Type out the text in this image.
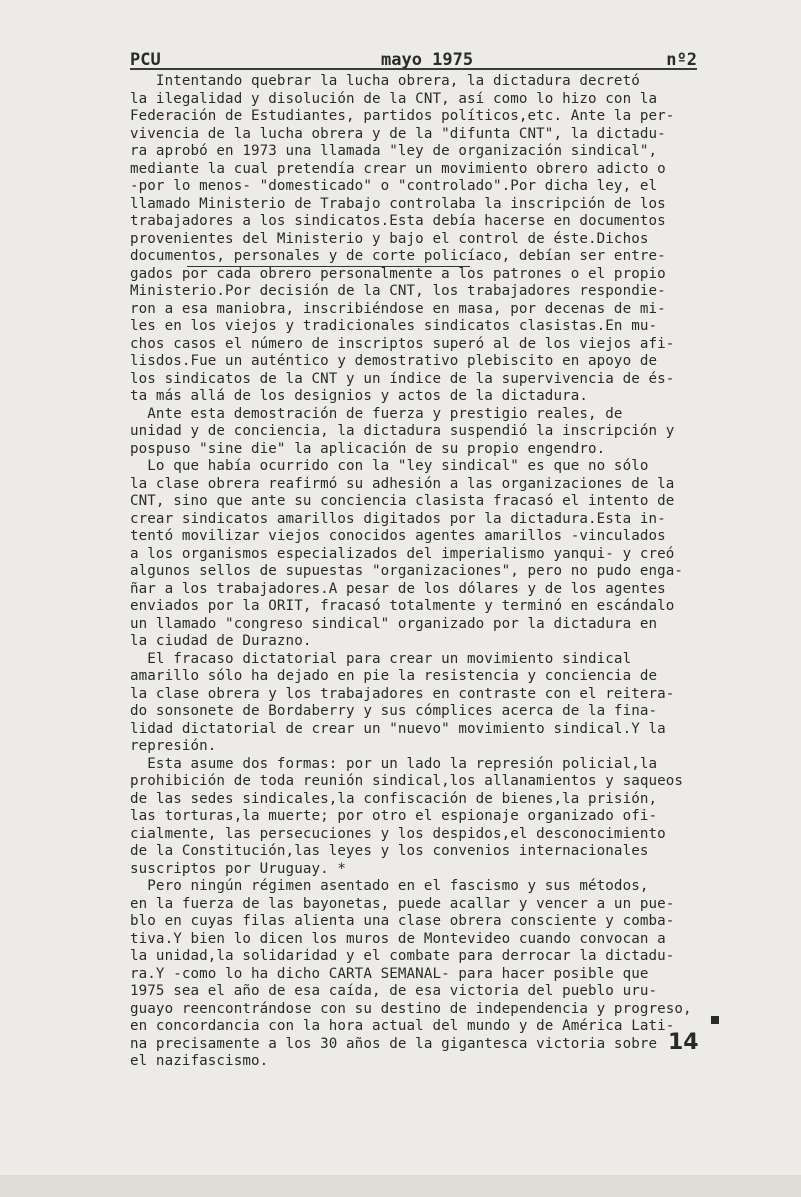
PCU	mayo 1975	nº2
Intentando quebrar la lucha obrera, la dictadura decretó
la ilegalidad y disolución de la CNT, así como lo hizo con la
Federación de Estudiantes, partidos políticos,etc. Ante la per-
vivencia de la lucha obrera y de la "difunta CNT", la dictadu-
ra aprobó en 1973 una llamada "ley de organización sindical",
mediante la cual pretendía crear un movimiento obrero adicto o
-por lo menos- "domesticado" o "controlado".Por dicha ley, el
llamado Ministerio de Trabajo controlaba la inscripción de los
trabajadores a los sindicatos.Esta debía hacerse en documentos
provenientes del Ministerio y bajo el control de éste.Dichos
documentos, personales y de corte policíaco, debían ser entre-
gados por cada obrero personalmente a los patrones o el propio
Ministerio.Por decisión de la CNT, los trabajadores respondie-
ron a esa maniobra, inscribiéndose en masa, por decenas de mi-
les en los viejos y tradicionales sindicatos clasistas.En mu-
chos casos el número de inscriptos superó al de los viejos afi-
lisdos.Fue un auténtico y demostrativo plebiscito en apoyo de
los sindicatos de la CNT y un índice de la supervivencia de és-
ta más allá de los designios y actos de la dictadura.
Ante esta demostración de fuerza y prestigio reales, de
unidad y de conciencia, la dictadura suspendió la inscripción y
pospuso "sine die" la aplicación de su propio engendro.
Lo que había ocurrido con la "ley sindical" es que no sólo
la clase obrera reafirmó su adhesión a las organizaciones de la
CNT, sino que ante su conciencia clasista fracasó el intento de
crear sindicatos amarillos digitados por la dictadura.Esta in-
tentó movilizar viejos conocidos agentes amarillos -vinculados
a los organismos especializados del imperialismo yanqui- y creó
algunos sellos de supuestas "organizaciones", pero no pudo enga-
ñar a los trabajadores.A pesar de los dólares y de los agentes
enviados por la ORIT, fracasó totalmente y terminó en escándalo
un llamado "congreso sindical" organizado por la dictadura en
la ciudad de Durazno.
El fracaso dictatorial para crear un movimiento sindical
amarillo sólo ha dejado en pie la resistencia y conciencia de
la clase obrera y los trabajadores en contraste con el reitera-
do sonsonete de Bordaberry y sus cómplices acerca de la fina-
lidad dictatorial de crear un "nuevo" movimiento sindical.Y la
represión.
Esta asume dos formas: por un lado la represión policial,la
prohibición de toda reunión sindical,los allanamientos y saqueos
de las sedes sindicales,la confiscación de bienes,la prisión,
las torturas,la muerte; por otro el espionaje organizado ofi-
cialmente, las persecuciones y los despidos,el desconocimiento
de la Constitución,las leyes y los convenios internacionales
suscriptos por Uruguay. *
Pero ningún régimen asentado en el fascismo y sus métodos,
en la fuerza de las bayonetas, puede acallar y vencer a un pue-
blo en cuyas filas alienta una clase obrera consciente y comba-
tiva.Y bien lo dicen los muros de Montevideo cuando convocan a
la unidad,la solidaridad y el combate para derrocar la dictadu-
ra.Y -como lo ha dicho CARTA SEMANAL- para hacer posible que
1975 sea el año de esa caída, de esa victoria del pueblo uru-
guayo reencontrándose con su destino de independencia y progreso,
en concordancia con la hora actual del mundo y de América Lati-
na precisamente a los 30 años de la gigantesca victoria sobre
el nazifascismo.
14
